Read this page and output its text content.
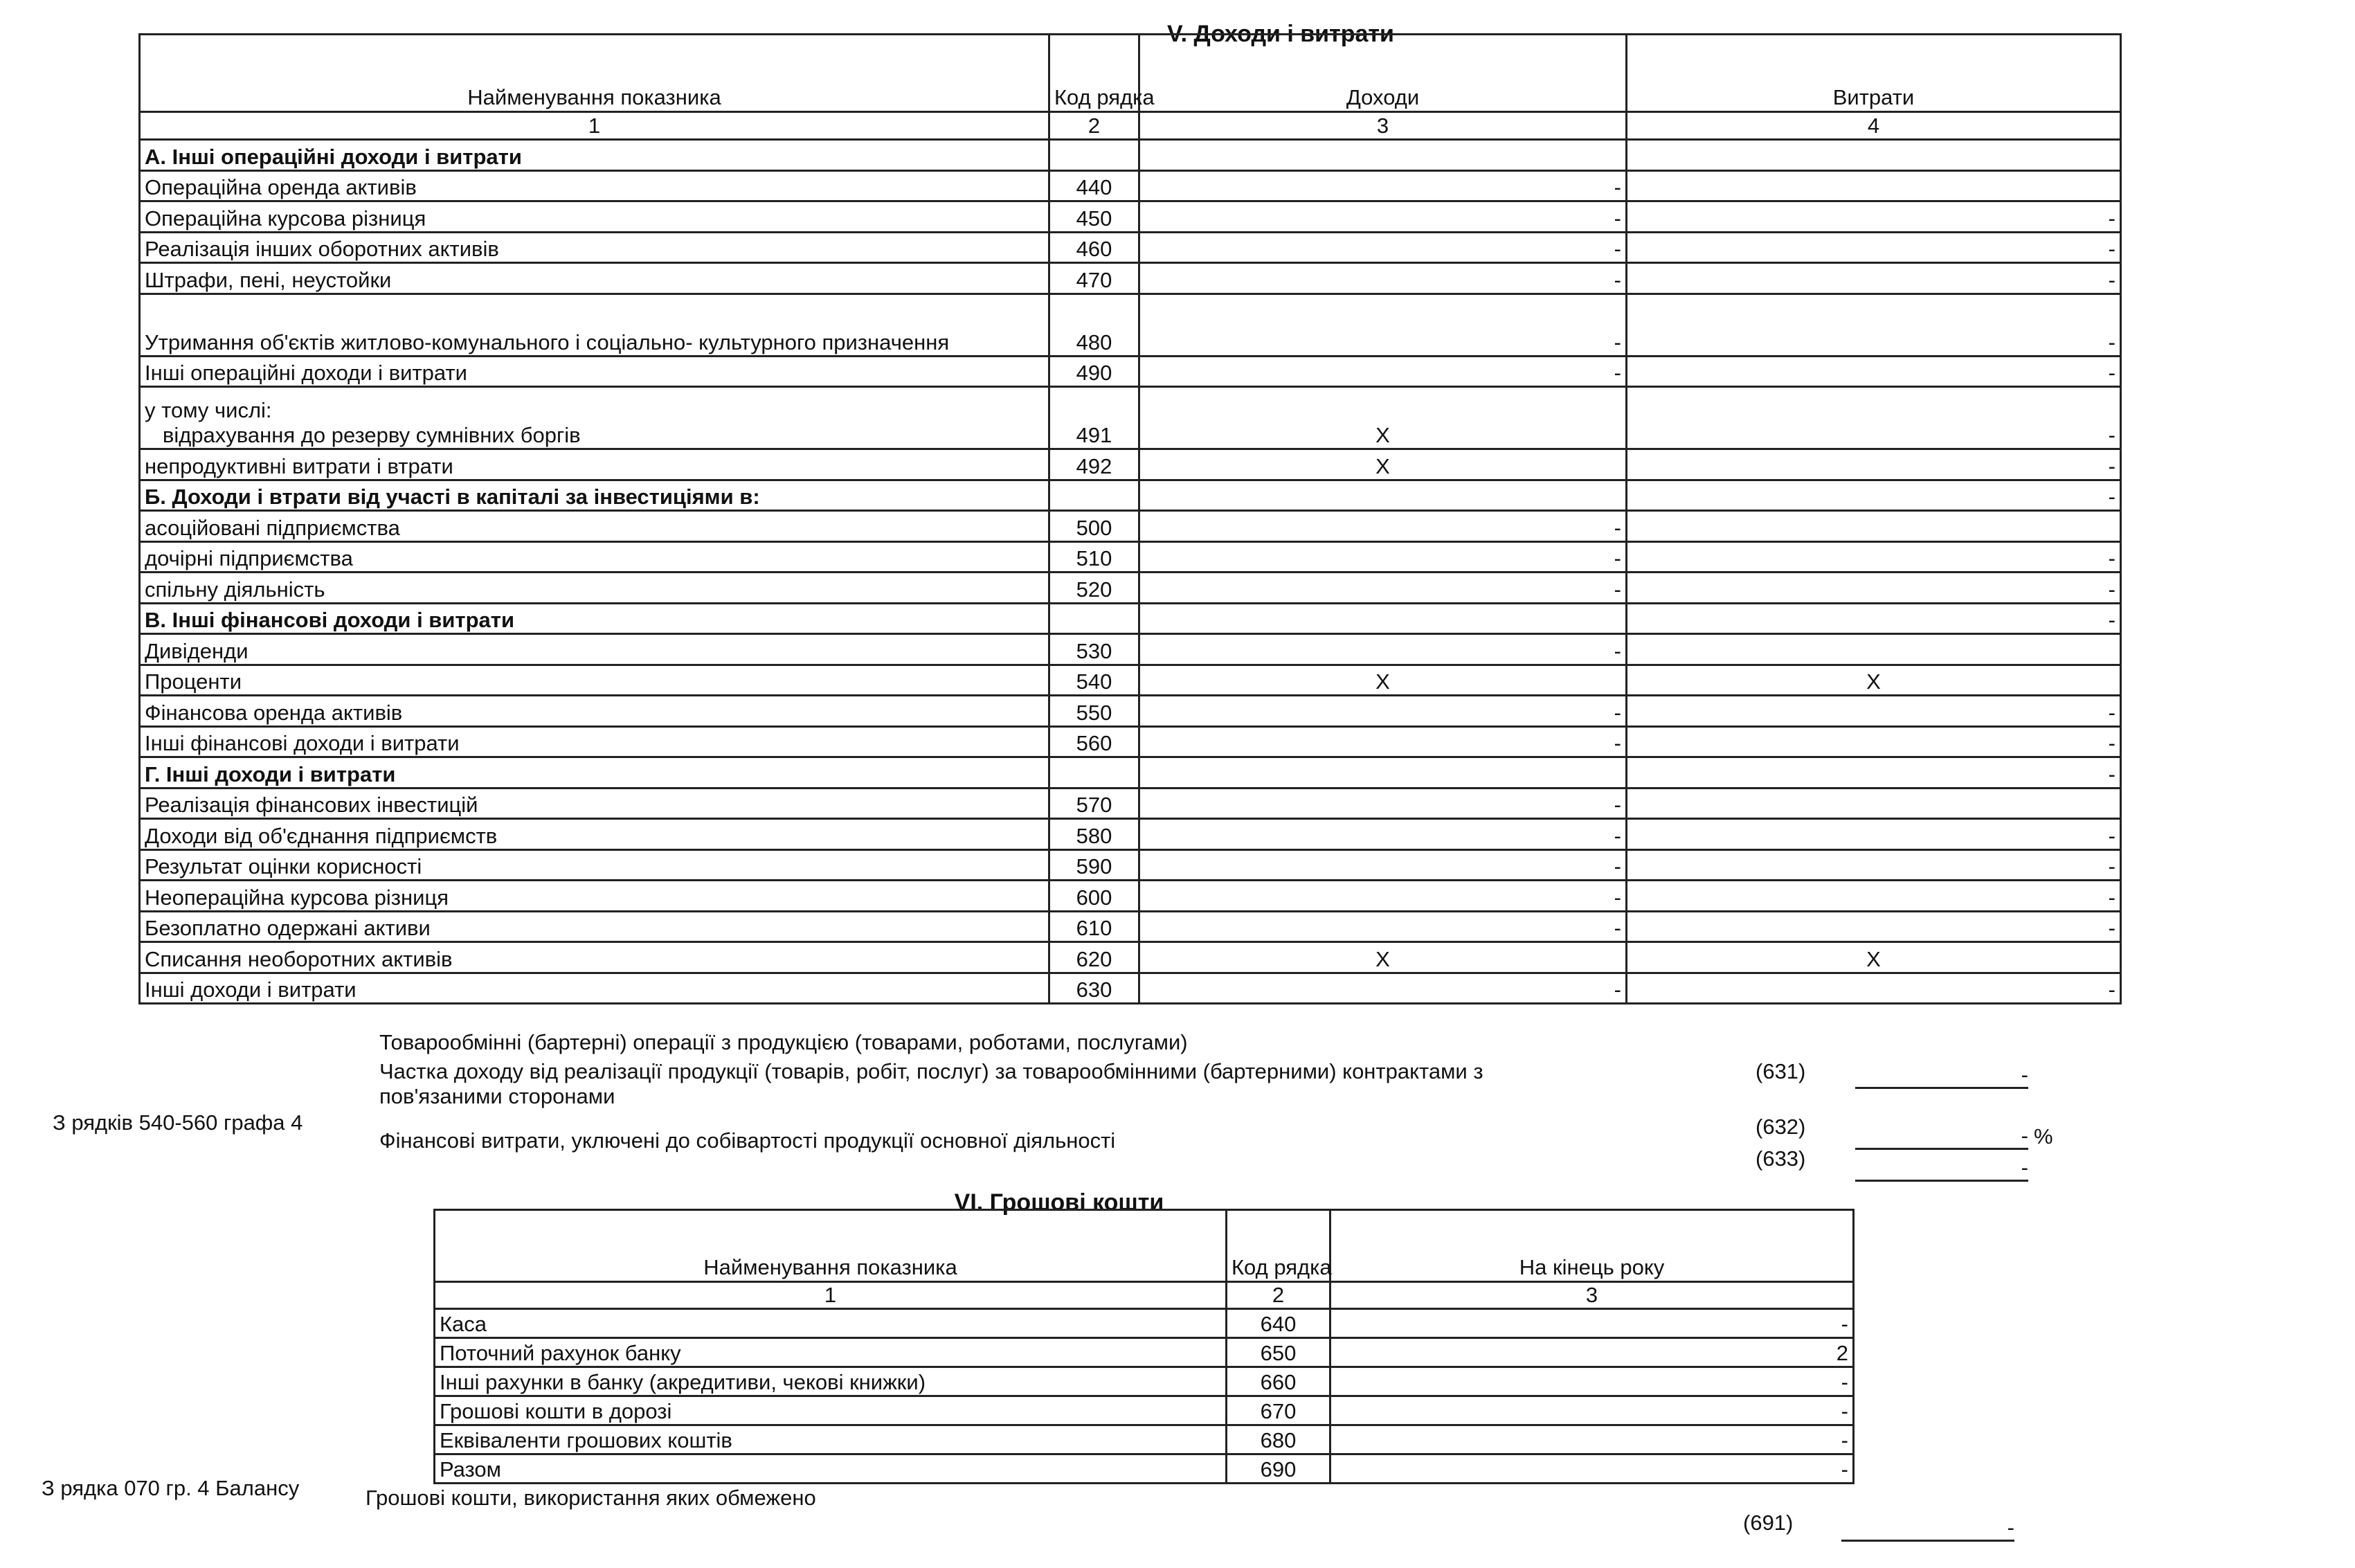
V. Доходи і витрати
Найменування показника	Код рядка	Доходи	Витрати
1	2	3	4
А. Інші операційні доходи і витрати			
Операційна оренда активів	440	-	
Операційна курсова різниця	450	-	-
Реалізація інших оборотних активів	460	-	-
Штрафи, пені, неустойки	470	-	-
Утримання об'єктів житлово-комунального і соціально- культурного призначення	480	-	-
Інші операційні доходи і витрати	490	-	-
у тому числі:
відрахування до резерву сумнівних боргів	491	X	-
непродуктивні витрати і втрати	492	X	-
Б. Доходи і втрати від участі в капіталі за інвестиціями в:			-
асоційовані підприємства	500	-	
дочірні підприємства	510	-	-
спільну діяльність	520	-	-
В. Інші фінансові доходи і витрати			-
Дивіденди	530	-	
Проценти	540	X	X
Фінансова оренда активів	550	-	-
Інші фінансові доходи і витрати	560	-	-
Г. Інші доходи і витрати			-
Реалізація фінансових інвестицій	570	-	
Доходи від об'єднання підприємств	580	-	-
Результат оцінки корисності	590	-	-
Неопераційна курсова різниця	600	-	-
Безоплатно одержані активи	610	-	-
Списання необоротних активів	620	X	X
Інші доходи і витрати	630	-	-
Товарообмінні (бартерні) операції з продукцією (товарами, роботами, послугами)
(631)	-
Частка доходу від реалізації продукції (товарів, робіт, послуг) за товарообмінними (бартерними) контрактами з пов'язаними сторонами
З рядків 540-560 графа 4
Фінансові витрати, уключені до собівартості продукції основної діяльності
(632)	- %
(633)	-
VI. Грошові кошти
Найменування показника	Код рядка	На кінець року
1	2	3
Каса	640	-
Поточний рахунок банку	650	2
Інші рахунки в банку (акредитиви, чекові книжки)	660	-
Грошові кошти в дорозі	670	-
Еквіваленти грошових коштів	680	-
Разом	690	-
З рядка 070 гр. 4 Балансу	Грошові кошти, використання яких обмежено
(691)	-
